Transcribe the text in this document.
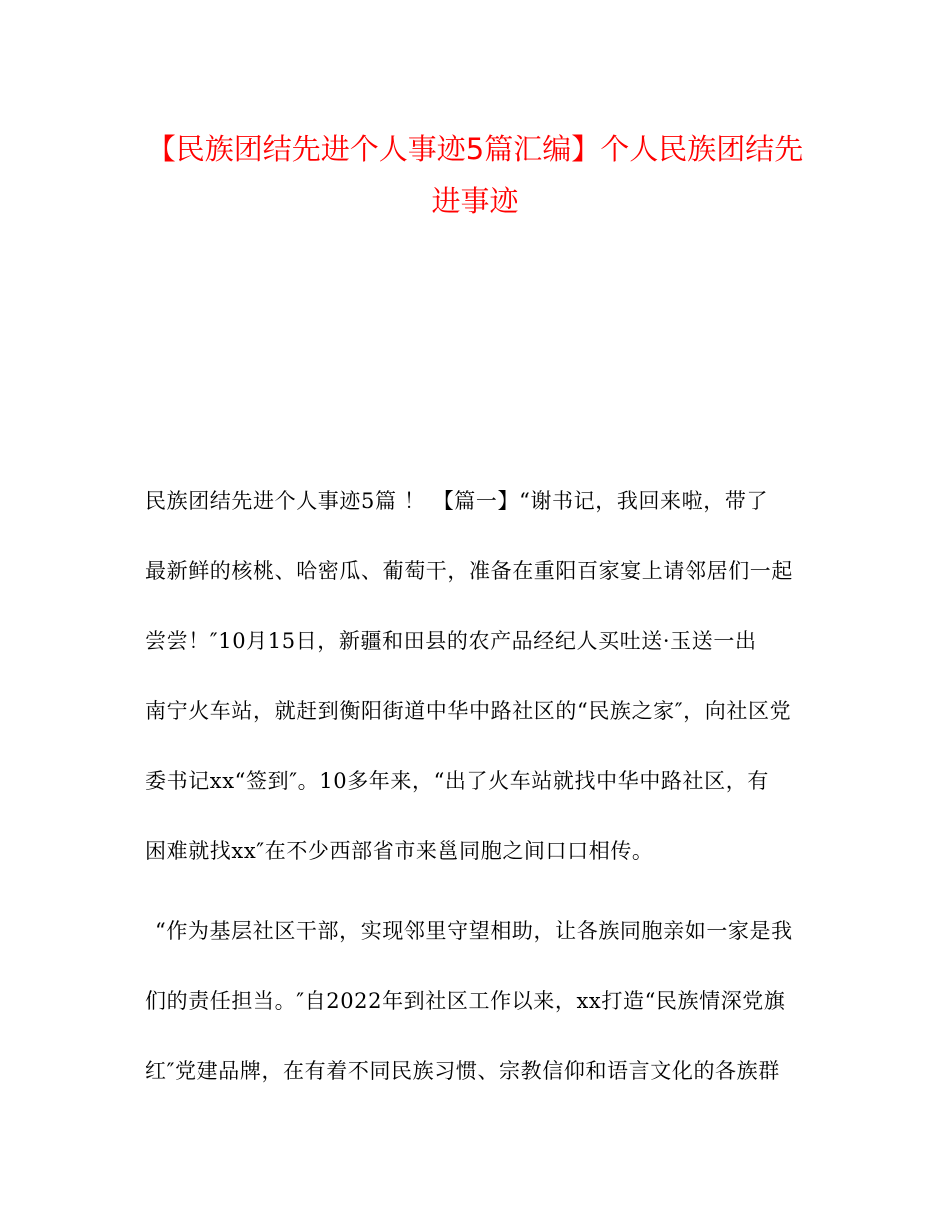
【民族团结先进个人事迹5篇汇编】个人民族团结先
进事迹
民族团结先进个人事迹5篇 ！ 【篇一】“谢书记，我回来啦，带了
最新鲜的核桃、哈密瓜、葡萄干，准备在重阳百家宴上请邻居们一起
尝尝！″10月15日，新疆和田县的农产品经纪人买吐送·玉送一出
南宁火车站，就赶到衡阳街道中华中路社区的“民族之家″，向社区党
委书记xx“签到″。10多年来，“出了火车站就找中华中路社区，有
困难就找xx″在不少西部省市来邕同胞之间口口相传。
“作为基层社区干部，实现邻里守望相助，让各族同胞亲如一家是我
们的责任担当。″自2022年到社区工作以来，xx打造“民族情深党旗
红″党建品牌，在有着不同民族习惯、宗教信仰和语言文化的各族群
